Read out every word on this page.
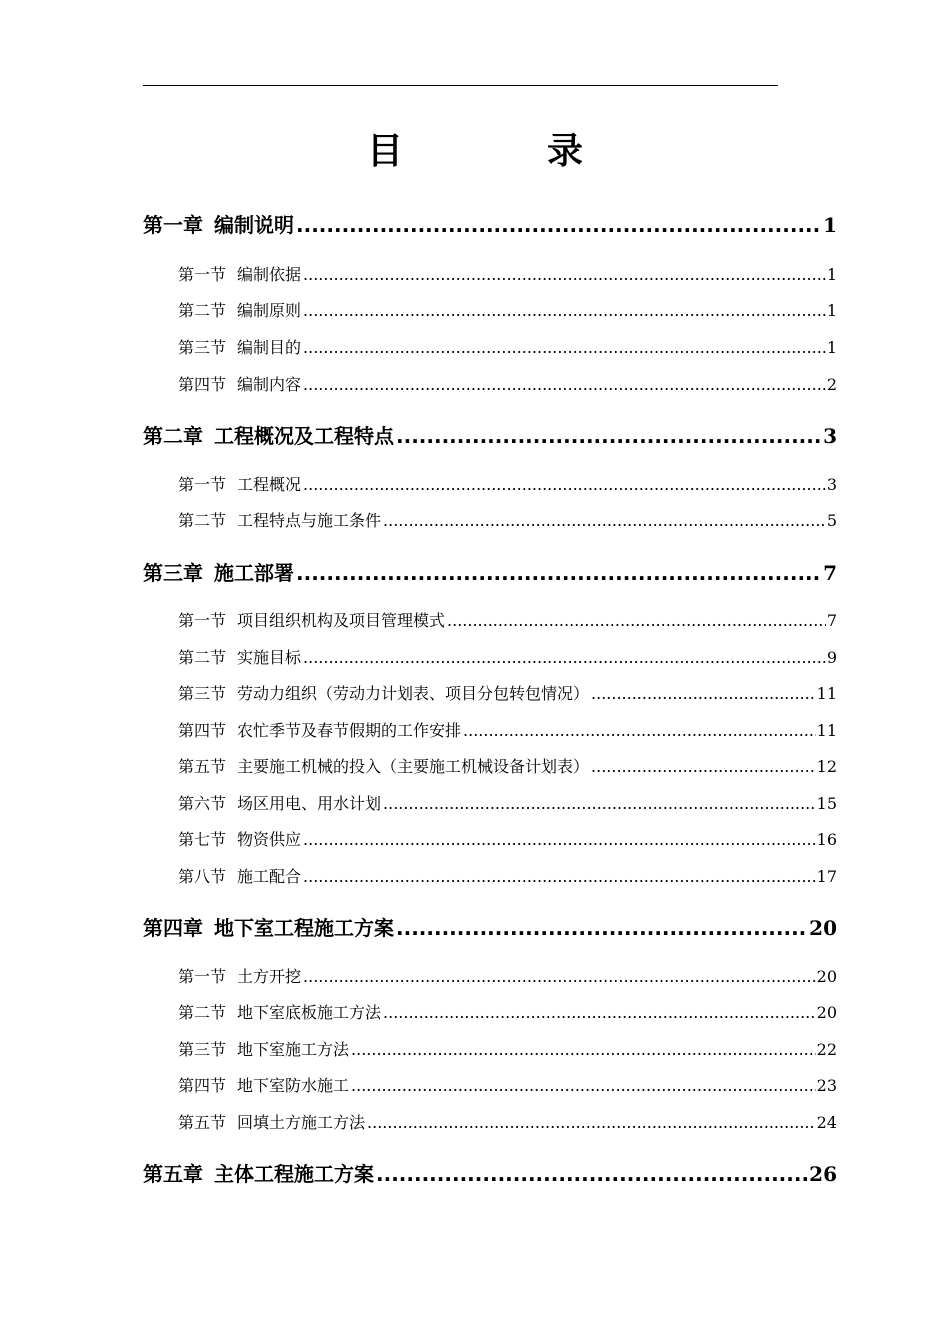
目　录
第一章 编制说明 .....	1
第一节 编制依据 .....	1
第二节 编制原则 .....	1
第三节 编制目的 .....	1
第四节 编制内容 .....	2
第二章 工程概况及工程特点 .....	3
第一节 工程概况 .....	3
第二节 工程特点与施工条件 .....	5
第三章 施工部署 .....	7
第一节 项目组织机构及项目管理模式 .....	7
第二节 实施目标 .....	9
第三节 劳动力组织（劳动力计划表、项目分包转包情况） .....	11
第四节 农忙季节及春节假期的工作安排 .....	11
第五节 主要施工机械的投入（主要施工机械设备计划表） .....	12
第六节 场区用电、用水计划 .....	15
第七节 物资供应 .....	16
第八节 施工配合 .....	17
第四章 地下室工程施工方案 .....	20
第一节 土方开挖 .....	20
第二节 地下室底板施工方法 .....	20
第三节 地下室施工方法 .....	22
第四节 地下室防水施工 .....	23
第五节 回填土方施工方法 .....	24
第五章 主体工程施工方案 .....	26
